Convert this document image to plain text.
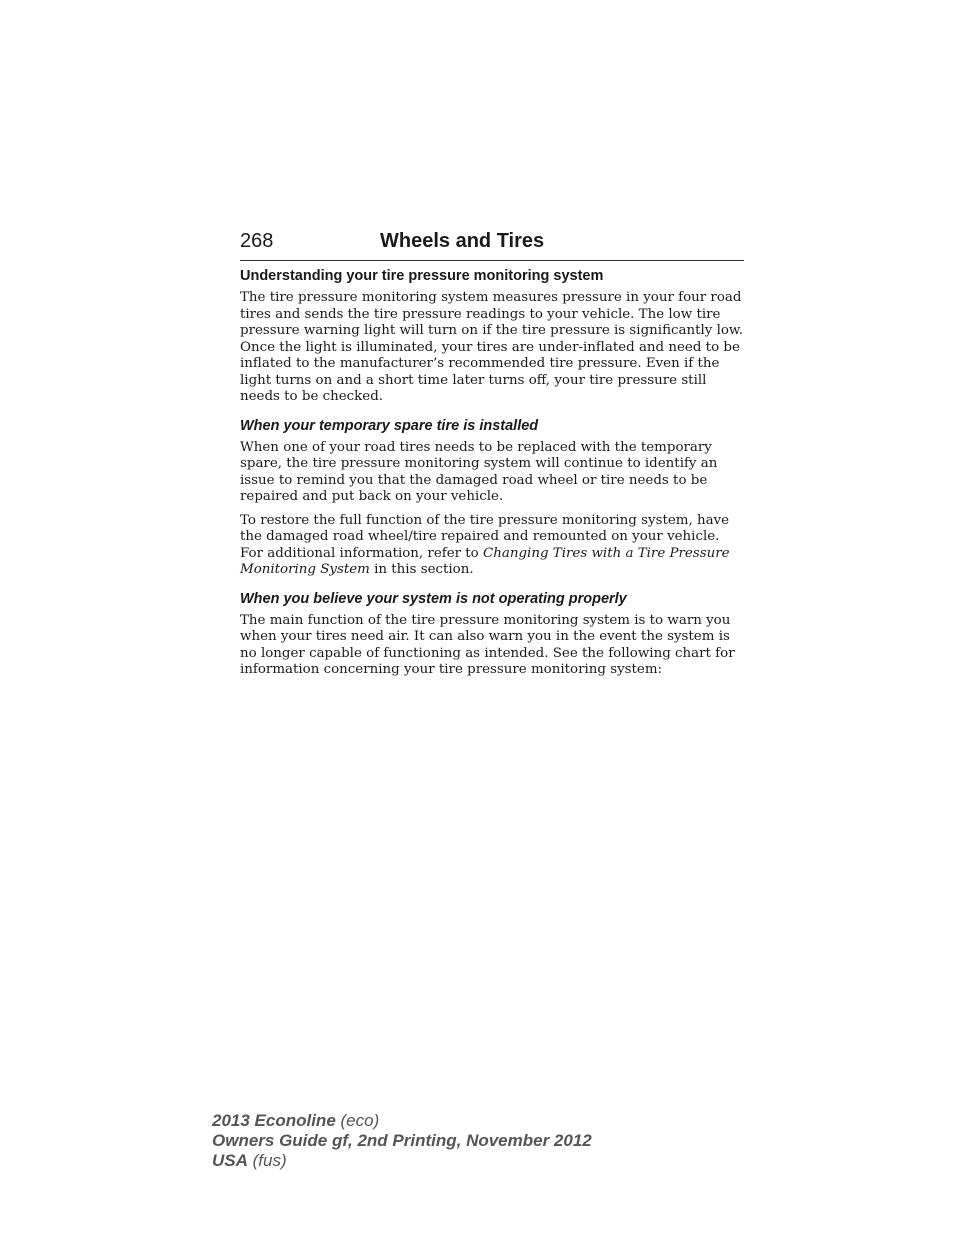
268	Wheels and Tires
Understanding your tire pressure monitoring system

The tire pressure monitoring system measures pressure in your four road tires and sends the tire pressure readings to your vehicle. The low tire pressure warning light will turn on if the tire pressure is significantly low. Once the light is illuminated, your tires are under-inflated and need to be inflated to the manufacturer’s recommended tire pressure. Even if the light turns on and a short time later turns off, your tire pressure still needs to be checked.

When your temporary spare tire is installed

When one of your road tires needs to be replaced with the temporary spare, the tire pressure monitoring system will continue to identify an issue to remind you that the damaged road wheel or tire needs to be repaired and put back on your vehicle.

To restore the full function of the tire pressure monitoring system, have the damaged road wheel/tire repaired and remounted on your vehicle. For additional information, refer to Changing Tires with a Tire Pressure Monitoring System in this section.

When you believe your system is not operating properly

The main function of the tire pressure monitoring system is to warn you when your tires need air. It can also warn you in the event the system is no longer capable of functioning as intended. See the following chart for information concerning your tire pressure monitoring system:

2013 Econoline (eco)
Owners Guide gf, 2nd Printing, November 2012
USA (fus)
